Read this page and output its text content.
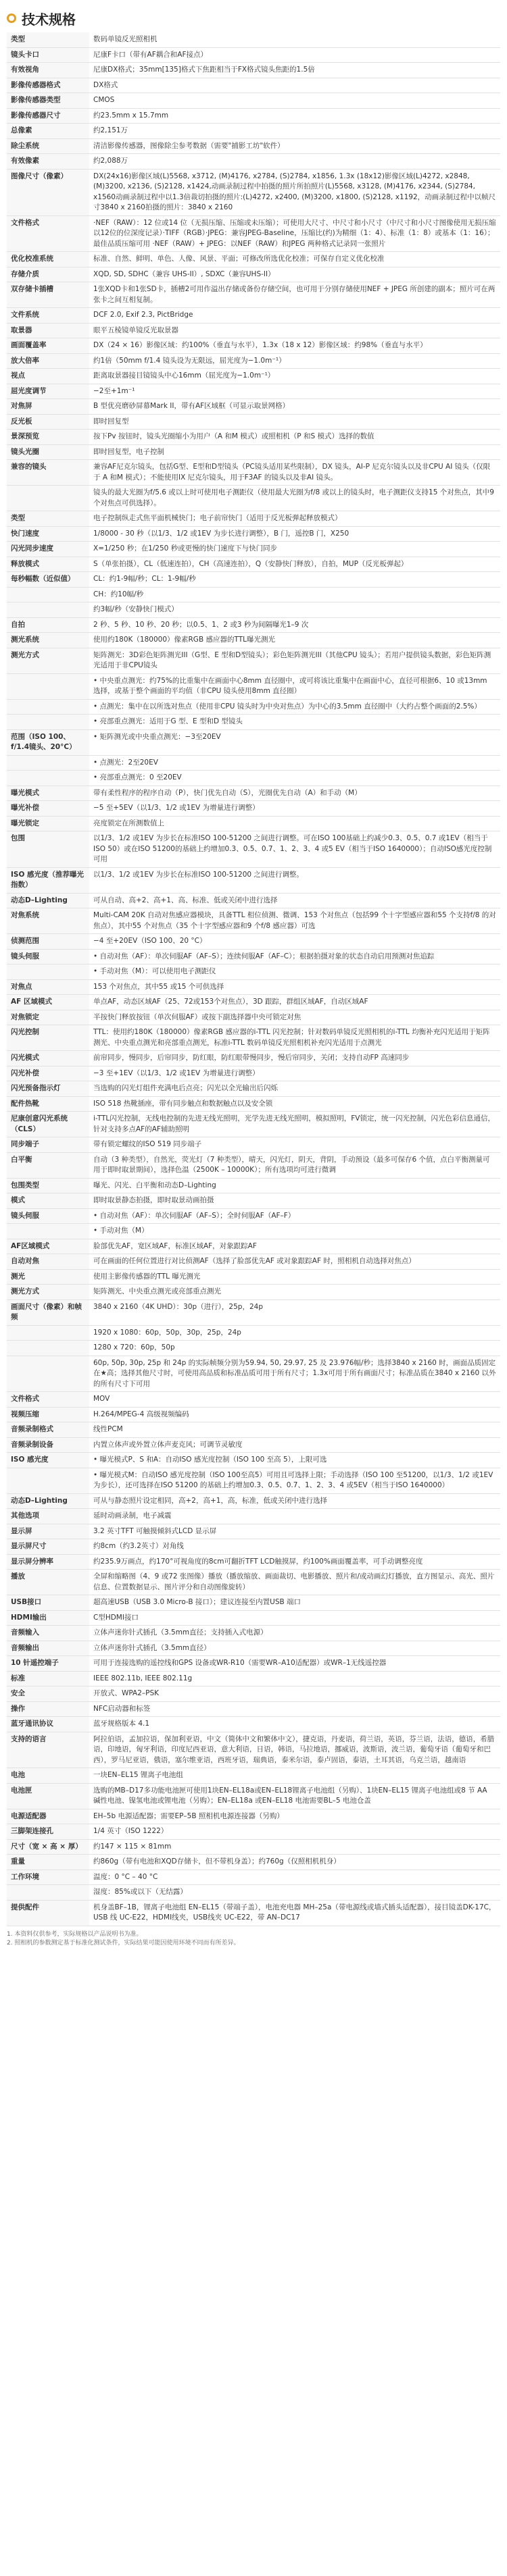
技术规格
类型	数码单镜反光照相机
镜头卡口	尼康F卡口（带有AF耦合和AF接点）
有效视角	尼康DX格式；35mm[135]格式下焦距相当于FX格式镜头焦距的1.5倍
影像传感器格式	DX格式
影像传感器类型	CMOS
影像传感器尺寸	约23.5mm x 15.7mm
总像素	约2,151万
除尘系统	清洁影像传感器，图像除尘参考数据（需要"捕影工坊"软件）
有效像素	约2,088万
图像尺寸（像素）	DX(24x16)影像区域(L)5568, x3712, (M)4176, x2784, (S)2784, x1856, 1.3x (18x12)影像区域(L)4272, x2848, (M)3200, x2136, (S)2128, x1424,动画录制过程中拍摄的照片所拍照片(L)5568, x3128, (M)4176, x2344, (S)2784, x1560动画录制过程中以1.3倍裁切拍摄的照片:(L)4272, x2400, (M)3200, x1800, (S)2128, x1192，动画录制过程中以帧尺寸3840 x 2160拍摄的照片：3840 x 2160
文件格式	·NEF（RAW）：12 位或14 位（无损压缩、压缩或未压缩）；可使用大尺寸、中尺寸和小尺寸（中尺寸和小尺寸图像使用无损压缩以12位的位深度记录）·TIFF（RGB）·JPEG：兼容JPEG-Baseline，压缩比(约)为精细（1：4）、标准（1：8）或基本（1：16）；最佳品质压缩可用 ·NEF（RAW）+ JPEG：以NEF（RAW）和JPEG 两种格式记录同一张照片
优化校准系统	标准、自然、鲜明、单色、人像、风景、平面；可修改所选优化校准；可保存自定义优化校准
存储介质	XQD, SD, SDHC（兼容 UHS-II）, SDXC（兼容UHS-II）
双存储卡插槽	1张XQD卡和1张SD卡，插槽2可用作溢出存储或备份存储空间，也可用于分别存储使用NEF + JPEG 所创建的副本；照片可在两张卡之间互相复制。
文件系统	DCF 2.0, Exif 2.3, PictBridge
取景器	眼平五棱镜单镜反光取景器
画面覆盖率	DX（24 × 16）影像区域：约100%（垂直与水平），1.3x（18 x 12）影像区域：约98%（垂直与水平）
放大倍率	约1倍（50mm f/1.4 镜头设为无限远，屈光度为−1.0m⁻¹）
视点	距离取景器接目镜镜头中心16mm（屈光度为−1.0m⁻¹）
屈光度调节	−2至+1m⁻¹
对焦屏	B 型优亮磨砂屏幕Mark II，带有AF区域框（可显示取景网格）
反光板	即时回复型
景深预览	按下Pv 按钮时，镜头光圈缩小为用户（A 和M 模式）或照相机（P 和S 模式）选择的数值
镜头光圈	即时回复型，电子控制
兼容的镜头	兼容AF尼克尔镜头，包括G型、E型和D型镜头（PC镜头适用某些限制），DX 镜头，AI-P 尼克尔镜头以及非CPU AI 镜头（仅限于 A 和M 模式）；不能使用IX 尼克尔镜头，用于F3AF 的镜头以及非AI 镜头。
	镜头的最大光圈为f/5.6 或以上时可使用电子测距仪（使用最大光圈为f/8 或以上的镜头时，电子测距仪支持15 个对焦点，其中9 个对焦点可供选择）。
类型	电子控制纵走式焦平面机械快门；电子前帘快门（适用于反光板弹起释放模式）
快门速度	1/8000 - 30 秒（以1/3、1/2 或1EV 为步长进行调整），B 门，遥控B 门，X250
闪光同步速度	X=1/250 秒；在1/250 秒或更慢的快门速度下与快门同步
释放模式	S（单张拍摄），CL（低速连拍），CH（高速连拍），Q（安静快门释放），自拍，MUP（反光板弹起）
每秒幅数（近似值）	CL：约1-9幅/秒；CL：1-9幅/秒
	CH：约10幅/秒
	约3幅/秒（安静快门模式）
自拍	2 秒、5 秒、10 秒、20 秒；以0.5、1、2 或3 秒为间隔曝光1–9 次
测光系统	使用约180K（180000）像素RGB 感应器的TTL曝光测光
测光方式	矩阵测光：3D彩色矩阵测光III（G型、E 型和D型镜头）；彩色矩阵测光III（其他CPU 镜头）；若用户提供镜头数据，彩色矩阵测光适用于非CPU镜头
	• 中央重点测光：约75%的比重集中在画面中心8mm 直径圈中，或可将该比重集中在画面中心，直径可根据6、10 或13mm 选择，或基于整个画面的平均值（非CPU 镜头使用8mm 直径圈）
	• 点测光：集中在以所选对焦点（使用非CPU 镜头时为中央对焦点）为中心的3.5mm 直径圈中（大约占整个画面的2.5%）
	• 亮部重点测光：适用于G 型、E 型和D 型镜头
范围（ISO 100、f/1.4镜头、20°C）	• 矩阵测光或中央重点测光：−3至20EV
	• 点测光：2至20EV
	• 亮部重点测光：0 至20EV
曝光模式	带有柔性程序的程序自动（P），快门优先自动（S），光圈优先自动（A）和手动（M）
曝光补偿	−5 至+5EV（以1/3、1/2 或1EV 为增量进行调整）
曝光锁定	亮度锁定在所测数值上
包围	以1/3、1/2 或1EV 为步长在标准ISO 100-51200 之间进行调整。可在ISO 100基础上约减少0.3、0.5、0.7 或1EV（相当于ISO 50）或在ISO 51200的基础上约增加0.3、0.5、0.7、1、2、3、4 或5 EV（相当于ISO 1640000）；自动ISO感光度控制可用
ISO 感光度（推荐曝光指数）	以1/3、1/2 或1EV 为步长在标准ISO 100-51200 之间进行调整。
动态D–Lighting	可从自动、高+2、高+1、高、标准、低或关闭中进行选择
对焦系统	Multi-CAM 20K 自动对焦感应器模块，具备TTL 相位侦测、微调、153 个对焦点（包括99 个十字型感应器和55 个支持f/8 的对焦点），其中55 个对焦点（35 个十字型感应器和9 个f/8 感应器）可选
侦测范围	−4 至+20EV（ISO 100、20 °C）
镜头伺服	• 自动对焦（AF）：单次伺服AF（AF–S）；连续伺服AF（AF–C）；根据拍摄对象的状态自动启用预测对焦追踪
	• 手动对焦（M）：可以使用电子测距仪
对焦点	153 个对焦点，其中55 或15 个可供选择
AF 区域模式	单点AF，动态区域AF（25、72或153个对焦点），3D 跟踪，群组区域AF，自动区域AF
对焦锁定	半按快门释放按钮（单次伺服AF）或按下副选择器中央可锁定对焦
闪光控制	TTL：使用约180K（180000）像素RGB 感应器的i-TTL 闪光控制；针对数码单镜反光照相机的i-TTL 均衡补充闪光适用于矩阵测光、中央重点测光和亮部重点测光，标准i-TTL 数码单镜反光照相机补充闪光适用于点测光
闪光模式	前帘同步，慢同步，后帘同步，防红眼，防红眼带慢同步，慢后帘同步，关闭；支持自动FP 高速同步
闪光补偿	−3 至+1EV（以1/3、1/2 或1EV 为增量进行调整）
闪光预备指示灯	当选购的闪光灯组件充满电后点亮；闪光以全光输出后闪烁
配件热靴	ISO 518 热靴插座，带有同步触点和数据触点以及安全锁
尼康创意闪光系统（CLS）	i-TTL闪光控制，无线电控制的先进无线光照明，光学先进无线光照明，模拟照明，FV锁定，统一闪光控制，闪光色彩信息通信，针对支持多点AF的AF辅助照明
同步端子	带有锁定螺纹的ISO 519 同步端子
白平衡	自动（3 种类型），自然光，荧光灯（7 种类型），晴天，闪光灯，阴天，背阴，手动预设（最多可保存6 个值，点白平衡测量可用于即时取景期间），选择色温（2500K – 10000K）；所有选项均可进行微调
包围类型	曝光、闪光、白平衡和动态D–Lighting
模式	即时取景静态拍摄，即时取景动画拍摄
镜头伺服	• 自动对焦（AF）：单次伺服AF（AF–S）；全时伺服AF（AF–F）
	• 手动对焦（M）
AF区域模式	脸部优先AF，宽区域AF，标准区域AF，对象跟踪AF
自动对焦	可在画面的任何位置进行对比侦测AF（选择了脸部优先AF 或对象跟踪AF 时，照相机自动选择对焦点）
测光	使用主影像传感器的TTL 曝光测光
测光方式	矩阵测光、中央重点测光或亮部重点测光
画面尺寸（像素）和帧频	3840 x 2160（4K UHD）：30p（进行），25p，24p
	1920 x 1080：60p，50p，30p，25p，24p
	1280 x 720：60p，50p
	60p, 50p, 30p, 25p 和 24p 的实际帧频分别为59.94, 50, 29.97, 25 及 23.976幅/秒；选择3840 x 2160 时，画面品质固定在★高；选择其他尺寸时，可使用高品质和标准品质可用于所有尺寸；1.3x可用于所有画面尺寸；标准品质在3840 x 2160 以外的所有尺寸下可用
文件格式	MOV
视频压缩	H.264/MPEG-4 高级视频编码
音频录制格式	线性PCM
音频录制设备	内置立体声或外置立体声麦克风；可调节灵敏度
ISO 感光度	• 曝光模式P、S 和A：自动ISO 感光度控制（ISO 100 至高 5），上限可选
	• 曝光模式M：自动ISO 感光度控制（ISO 100至高5）可用且可选择上限；手动选择（ISO 100 至51200，以1/3、1/2 或1EV 为步长），还可选择在ISO 51200 的基础上约增加0.3、0.5、0.7、1、2、3、4 或5EV（相当于ISO 1640000）
动态D–Lighting	可从与静态照片设定相同，高+2，高+1，高，标准，低或关闭中进行选择
其他选项	延时动画录制，电子减震
显示屏	3.2 英寸TFT 可触摸倾斜式LCD 显示屏
显示屏尺寸	约8cm（约3.2英寸）对角线
显示屏分辨率	约235.9万画点，约170°可视角度的8cm可翻折TFT LCD触摸屏，约100%画面覆盖率，可手动调整亮度
播放	全屏和缩略图（4、9 或72 张图像）播放（播放缩放、画面裁切、电影播放、照片和/或动画幻灯播放，直方图显示、高光、照片信息、位置数据显示、图片评分和自动图像旋转）
USB接口	超高速USB（USB 3.0 Micro-B 接口）；建议连接至内置USB 端口
HDMI输出	C型HDMI接口
音频输入	立体声迷你针式插孔（3.5mm直径；支持插入式电源）
音频输出	立体声迷你针式插孔（3.5mm直径）
10 针遥控端子	可用于连接选购的遥控线和GPS 设备或WR-R10（需要WR–A10适配器）或WR–1无线遥控器
标准	IEEE 802.11b, IEEE 802.11g
安全	开放式、WPA2–PSK
操作	NFC启动器和标签
蓝牙通讯协议	蓝牙规格版本 4.1
支持的语言	阿拉伯语，孟加拉语，保加利亚语，中文（简体中文和繁体中文），捷克语，丹麦语，荷兰语，英语，芬兰语，法语，德语，希腊语，印地语，匈牙利语，印度尼西亚语，意大利语，日语，韩语，马拉地语，挪威语，波斯语，波兰语，葡萄牙语（葡萄牙和巴西），罗马尼亚语，俄语，塞尔维亚语，西班牙语，瑞典语，泰米尔语，泰卢固语，泰语，土耳其语，乌克兰语，越南语
电池	一块EN–EL15 锂离子电池组
电池匣	选购的MB–D17多功能电池匣可使用1块EN–EL18a或EN–EL18锂离子电池组（另购）、1块EN–EL15 锂离子电池组或8 节 AA 碱性电池、镍氢电池或锂电池（另购）；EN–EL18a 或EN–EL18 电池需要BL–5 电池仓盖
电源适配器	EH–5b 电源适配器；需要EP–5B 照相机电源连接器（另购）
三脚架连接孔	1/4 英寸（ISO 1222）
尺寸（宽 × 高 × 厚）	约147 × 115 × 81mm
重量	约860g（带有电池和XQD存储卡，但不带机身盖）；约760g（仅照相机机身）
工作环境	温度：0 °C – 40 °C
	湿度：85%或以下（无结露）
提供配件	机身盖BF–1B，锂离子电池组 EN–EL15（带端子盖），电池充电器 MH–25a（带电源线或墙式插头适配器），接目镜盖DK-17C，USB 线 UC-E22，HDMI线夹，USB线夹 UC-E22，带 AN–DC17
1. 本资料仅供参考，实际规格以产品说明书为准。
2. 照相机的参数测定基于标准化测试条件，实际结果可能因使用环境不同而有所差异。
